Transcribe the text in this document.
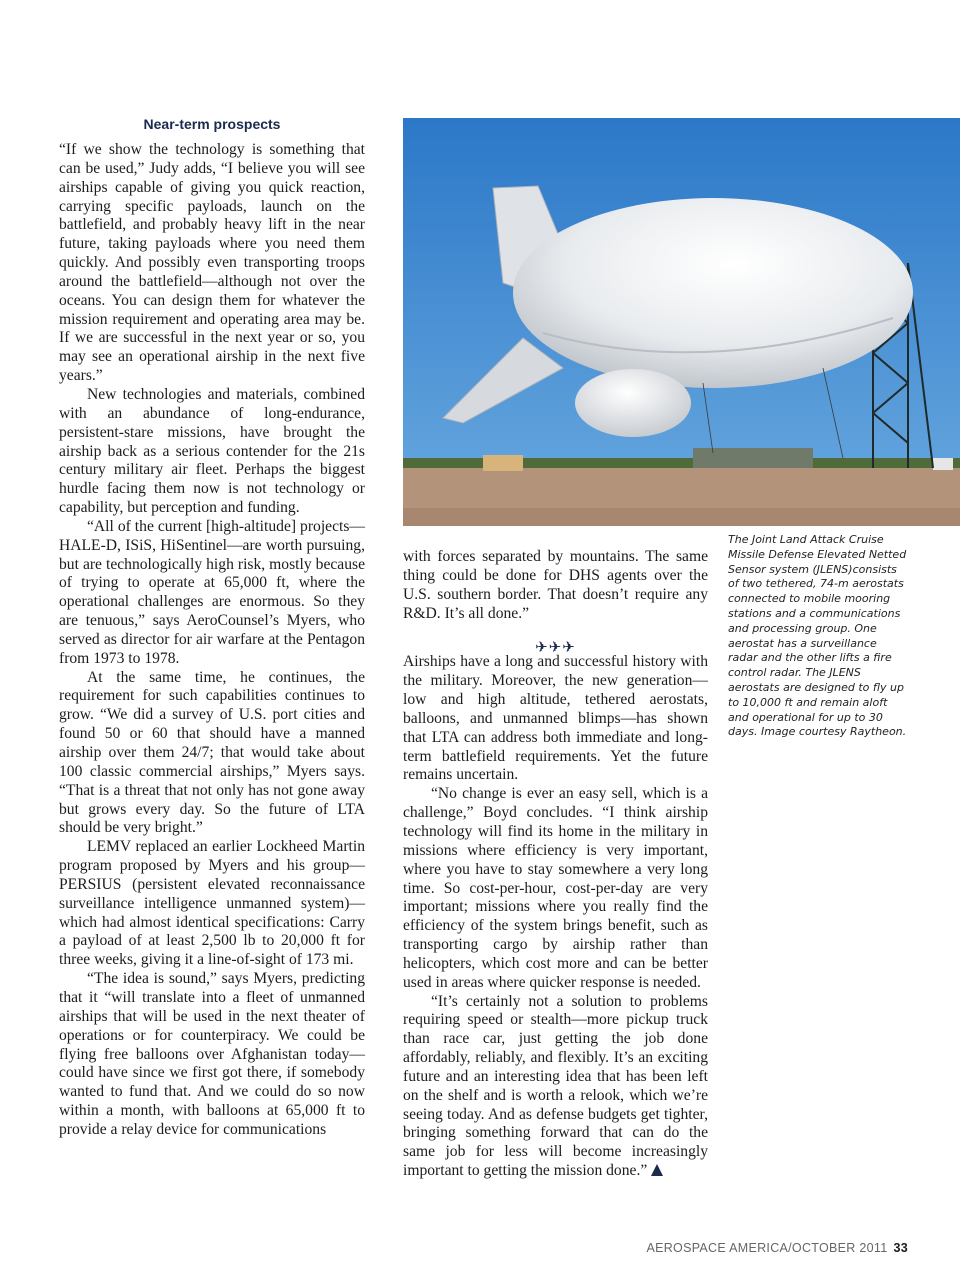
Near-term prospects

“If we show the technology is something that can be used,” Judy adds, “I believe you will see airships capable of giving you quick reaction, carrying specific payloads, launch on the battlefield, and probably heavy lift in the near future, taking payloads where you need them quickly. And possibly even transporting troops around the battlefield—although not over the oceans. You can design them for whatever the mission requirement and operating area may be. If we are successful in the next year or so, you may see an operational airship in the next five years.”

New technologies and materials, combined with an abundance of long-endurance, persistent-stare missions, have brought the airship back as a serious contender for the 21s century military air fleet. Perhaps the biggest hurdle facing them now is not technology or capability, but perception and funding.

“All of the current [high-altitude] projects—HALE-D, ISiS, HiSentinel—are worth pursuing, but are technologically high risk, mostly because of trying to operate at 65,000 ft, where the operational challenges are enormous. So they are tenuous,” says AeroCounsel’s Myers, who served as director for air warfare at the Pentagon from 1973 to 1978.

At the same time, he continues, the requirement for such capabilities continues to grow. “We did a survey of U.S. port cities and found 50 or 60 that should have a manned airship over them 24/7; that would take about 100 classic commercial airships,” Myers says. “That is a threat that not only has not gone away but grows every day. So the future of LTA should be very bright.”

LEMV replaced an earlier Lockheed Martin program proposed by Myers and his group—PERSIUS (persistent elevated reconnaissance surveillance intelligence unmanned system)—which had almost identical specifications: Carry a payload of at least 2,500 lb to 20,000 ft for three weeks, giving it a line-of-sight of 173 mi.

“The idea is sound,” says Myers, predicting that it “will translate into a fleet of unmanned airships that will be used in the next theater of operations or for counterpiracy. We could be flying free balloons over Afghanistan today—could have since we first got there, if somebody wanted to fund that. And we could do so now within a month, with balloons at 65,000 ft to provide a relay device for communications

The Joint Land Attack Cruise Missile Defense Elevated Netted Sensor system (JLENS)consists of two tethered, 74-m aerostats connected to mobile mooring stations and a communications and processing group. One aerostat has a surveillance radar and the other lifts a fire control radar. The JLENS aerostats are designed to fly up to 10,000 ft and remain aloft and operational for up to 30 days. Image courtesy Raytheon.

with forces separated by mountains. The same thing could be done for DHS agents over the U.S. southern border. That doesn’t require any R&D. It’s all done.”

Airships have a long and successful history with the military. Moreover, the new generation—low and high altitude, tethered aerostats, balloons, and unmanned blimps—has shown that LTA can address both immediate and long-term battlefield requirements. Yet the future remains uncertain.

“No change is ever an easy sell, which is a challenge,” Boyd concludes. “I think airship technology will find its home in the military in missions where efficiency is very important, where you have to stay somewhere a very long time. So cost-per-hour, cost-per-day are very important; missions where you really find the efficiency of the system brings benefit, such as transporting cargo by airship rather than helicopters, which cost more and can be better used in areas where quicker response is needed.

“It’s certainly not a solution to problems requiring speed or stealth—more pickup truck than race car, just getting the job done affordably, reliably, and flexibly. It’s an exciting future and an interesting idea that has been left on the shelf and is worth a relook, which we’re seeing today. And as defense budgets get tighter, bringing something forward that can do the same job for less will become increasingly important to getting the mission done.”

✈✈✈
AEROSPACE AMERICA/OCTOBER 2011 33
